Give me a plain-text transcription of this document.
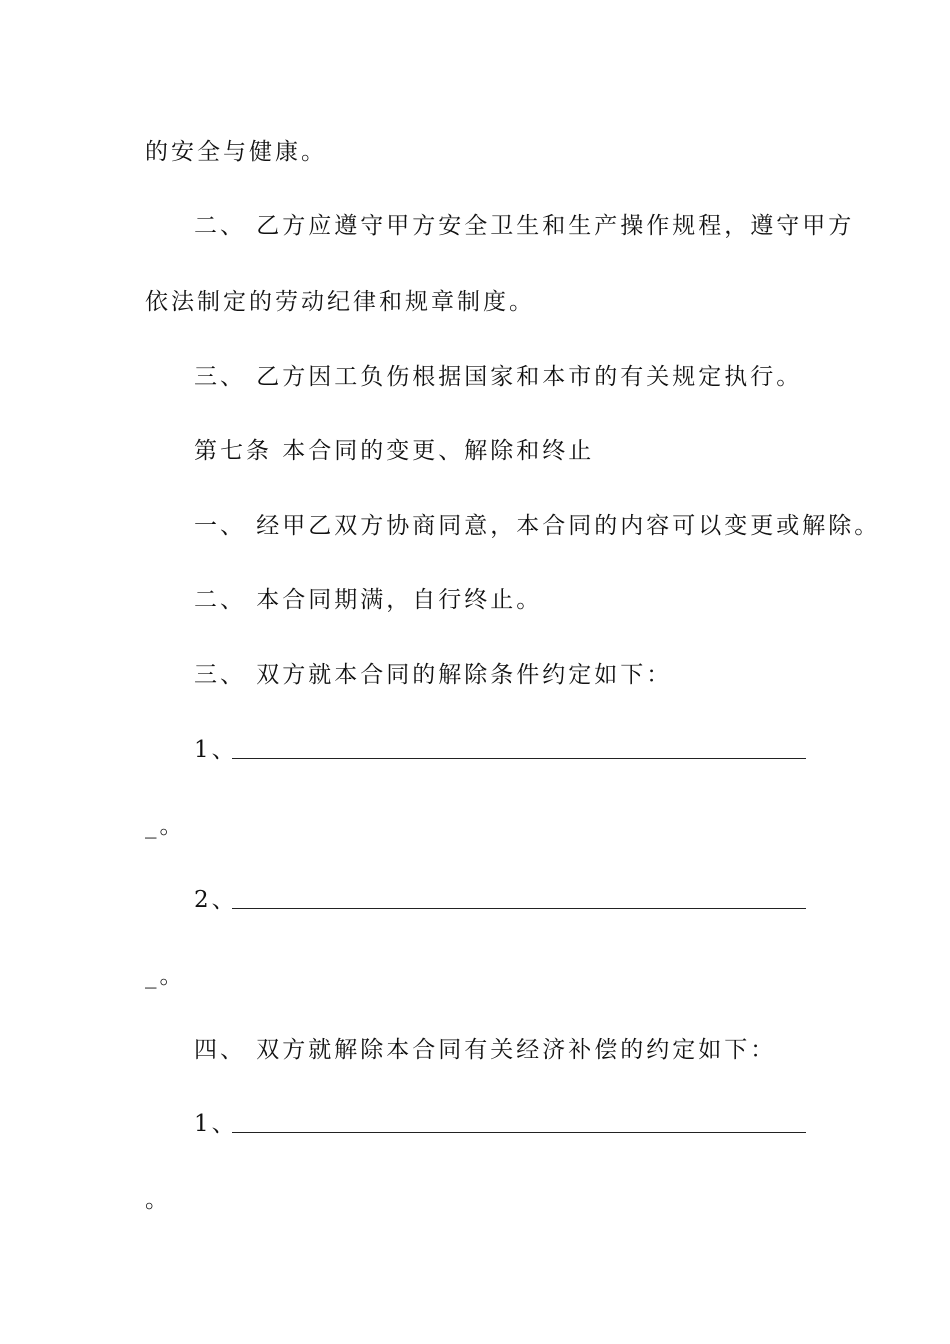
的安全与健康。
二、 乙方应遵守甲方安全卫生和生产操作规程，遵守甲方
依法制定的劳动纪律和规章制度。
三、 乙方因工负伤根据国家和本市的有关规定执行。
第七条 本合同的变更、解除和终止
一、 经甲乙双方协商同意，本合同的内容可以变更或解除。
二、 本合同期满，自行终止。
三、 双方就本合同的解除条件约定如下：
1、
_。
2、
_。
四、 双方就解除本合同有关经济补偿的约定如下：
1、
。
